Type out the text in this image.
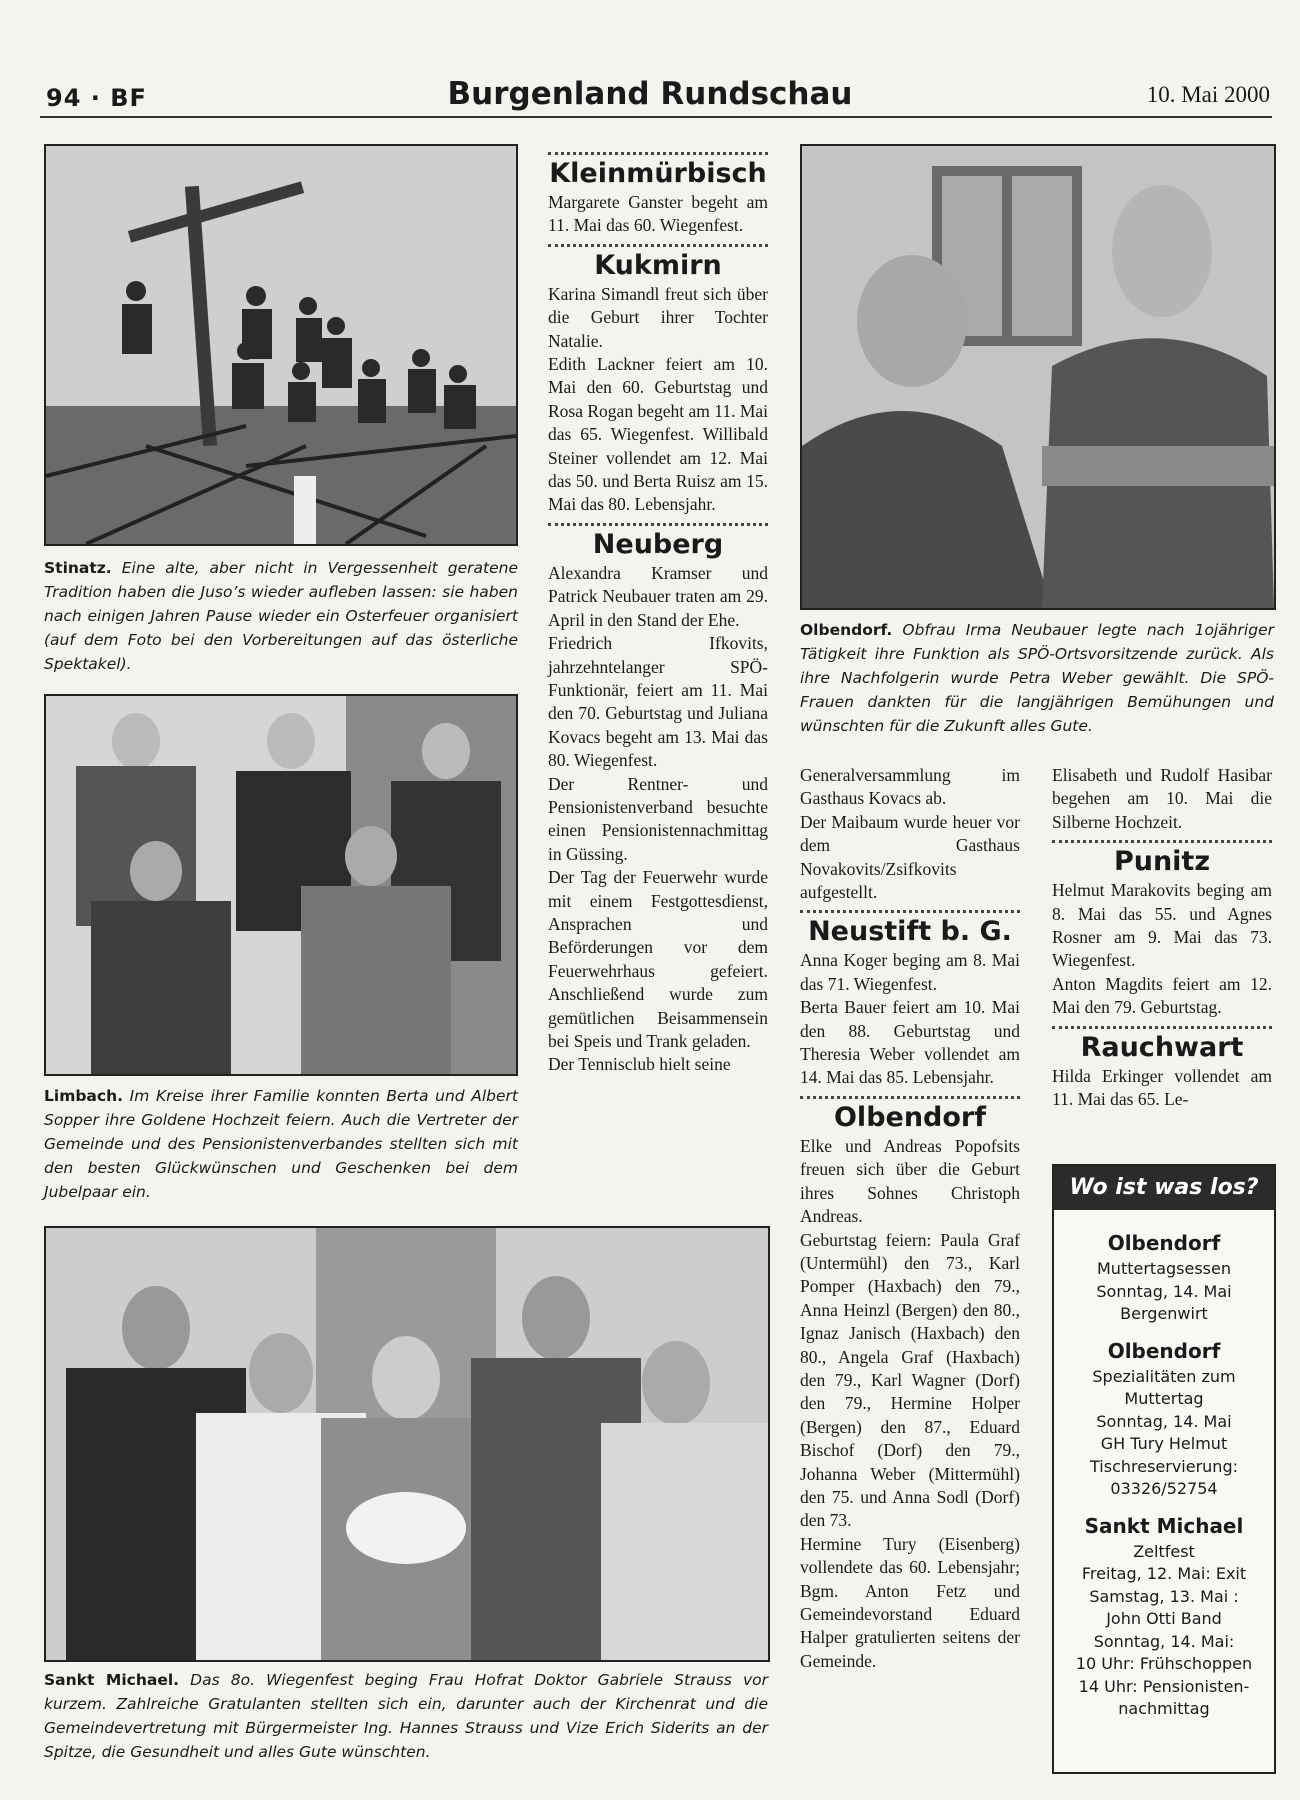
94 · BF	Burgenland Rundschau	10. Mai 2000
Stinatz. Eine alte, aber nicht in Vergessenheit geratene Tradition haben die Juso’s wieder aufleben lassen: sie haben nach einigen Jahren Pause wieder ein Osterfeuer organisiert (auf dem Foto bei den Vorbereitungen auf das österliche Spektakel).
Limbach. Im Kreise ihrer Familie konnten Berta und Albert Sopper ihre Goldene Hochzeit feiern. Auch die Vertreter der Gemeinde und des Pensionistenverbandes stellten sich mit den besten Glückwünschen und Geschenken bei dem Jubelpaar ein.
Sankt Michael. Das 8o. Wiegenfest beging Frau Hofrat Doktor Gabriele Strauss vor kurzem. Zahlreiche Gratulanten stellten sich ein, darunter auch der Kirchenrat und die Gemeindevertretung mit Bürgermeister Ing. Hannes Strauss und Vize Erich Siderits an der Spitze, die Gesundheit und alles Gute wünschten.
Olbendorf. Obfrau Irma Neubauer legte nach 1ojähriger Tätigkeit ihre Funktion als SPÖ-Ortsvorsitzende zurück. Als ihre Nachfolgerin wurde Petra Weber gewählt. Die SPÖ-Frauen dankten für die langjährigen Bemühungen und wünschten für die Zukunft alles Gute.
Kleinmürbisch

Margarete Ganster begeht am 11. Mai das 60. Wiegenfest.

Kukmirn

Karina Simandl freut sich über die Geburt ihrer Tochter Natalie.

Edith Lackner feiert am 10. Mai den 60. Geburtstag und Rosa Rogan begeht am 11. Mai das 65. Wiegenfest. Willibald Steiner vollendet am 12. Mai das 50. und Berta Ruisz am 15. Mai das 80. Lebensjahr.

Neuberg

Alexandra Kramser und Patrick Neubauer traten am 29. April in den Stand der Ehe.

Friedrich Ifkovits, jahrzehntelanger SPÖ-Funktionär, feiert am 11. Mai den 70. Geburtstag und Juliana Kovacs begeht am 13. Mai das 80. Wiegenfest.

Der Rentner- und Pensionistenverband besuchte einen Pensionistennachmittag in Güssing.

Der Tag der Feuerwehr wurde mit einem Festgottesdienst, Ansprachen und Beförderungen vor dem Feuerwehrhaus gefeiert. Anschließend wurde zum gemütlichen Beisammensein bei Speis und Trank geladen.

Der Tennisclub hielt seine

Generalversammlung im Gasthaus Kovacs ab.

Der Maibaum wurde heuer vor dem Gasthaus Novakovits/Zsifkovits aufgestellt.

Neustift b. G.

Anna Koger beging am 8. Mai das 71. Wiegenfest.

Berta Bauer feiert am 10. Mai den 88. Geburtstag und Theresia Weber vollendet am 14. Mai das 85. Lebensjahr.

Olbendorf

Elke und Andreas Popofsits freuen sich über die Geburt ihres Sohnes Christoph Andreas.

Geburtstag feiern: Paula Graf (Untermühl) den 73., Karl Pomper (Haxbach) den 79., Anna Heinzl (Bergen) den 80., Ignaz Janisch (Haxbach) den 80., Angela Graf (Haxbach) den 79., Karl Wagner (Dorf) den 79., Hermine Holper (Bergen) den 87., Eduard Bischof (Dorf) den 79., Johanna Weber (Mittermühl) den 75. und Anna Sodl (Dorf) den 73.

Hermine Tury (Eisenberg) vollendete das 60. Lebensjahr; Bgm. Anton Fetz und Gemeindevorstand Eduard Halper gratulierten seitens der Gemeinde.

Elisabeth und Rudolf Hasibar begehen am 10. Mai die Silberne Hochzeit.

Punitz

Helmut Marakovits beging am 8. Mai das 55. und Agnes Rosner am 9. Mai das 73. Wiegenfest.

Anton Magdits feiert am 12. Mai den 79. Geburtstag.

Rauchwart

Hilda Erkinger vollendet am 11. Mai das 65. Le-

Wo ist was los?
Olbendorf
Muttertagsessen
Sonntag, 14. Mai
Bergenwirt
Olbendorf
Spezialitäten zum
Muttertag
Sonntag, 14. Mai
GH Tury Helmut
Tischreservierung:
03326/52754
Sankt Michael
Zeltfest
Freitag, 12. Mai: Exit
Samstag, 13. Mai :
John Otti Band
Sonntag, 14. Mai:
10 Uhr: Frühschoppen
14 Uhr: Pensionisten-
nachmittag
